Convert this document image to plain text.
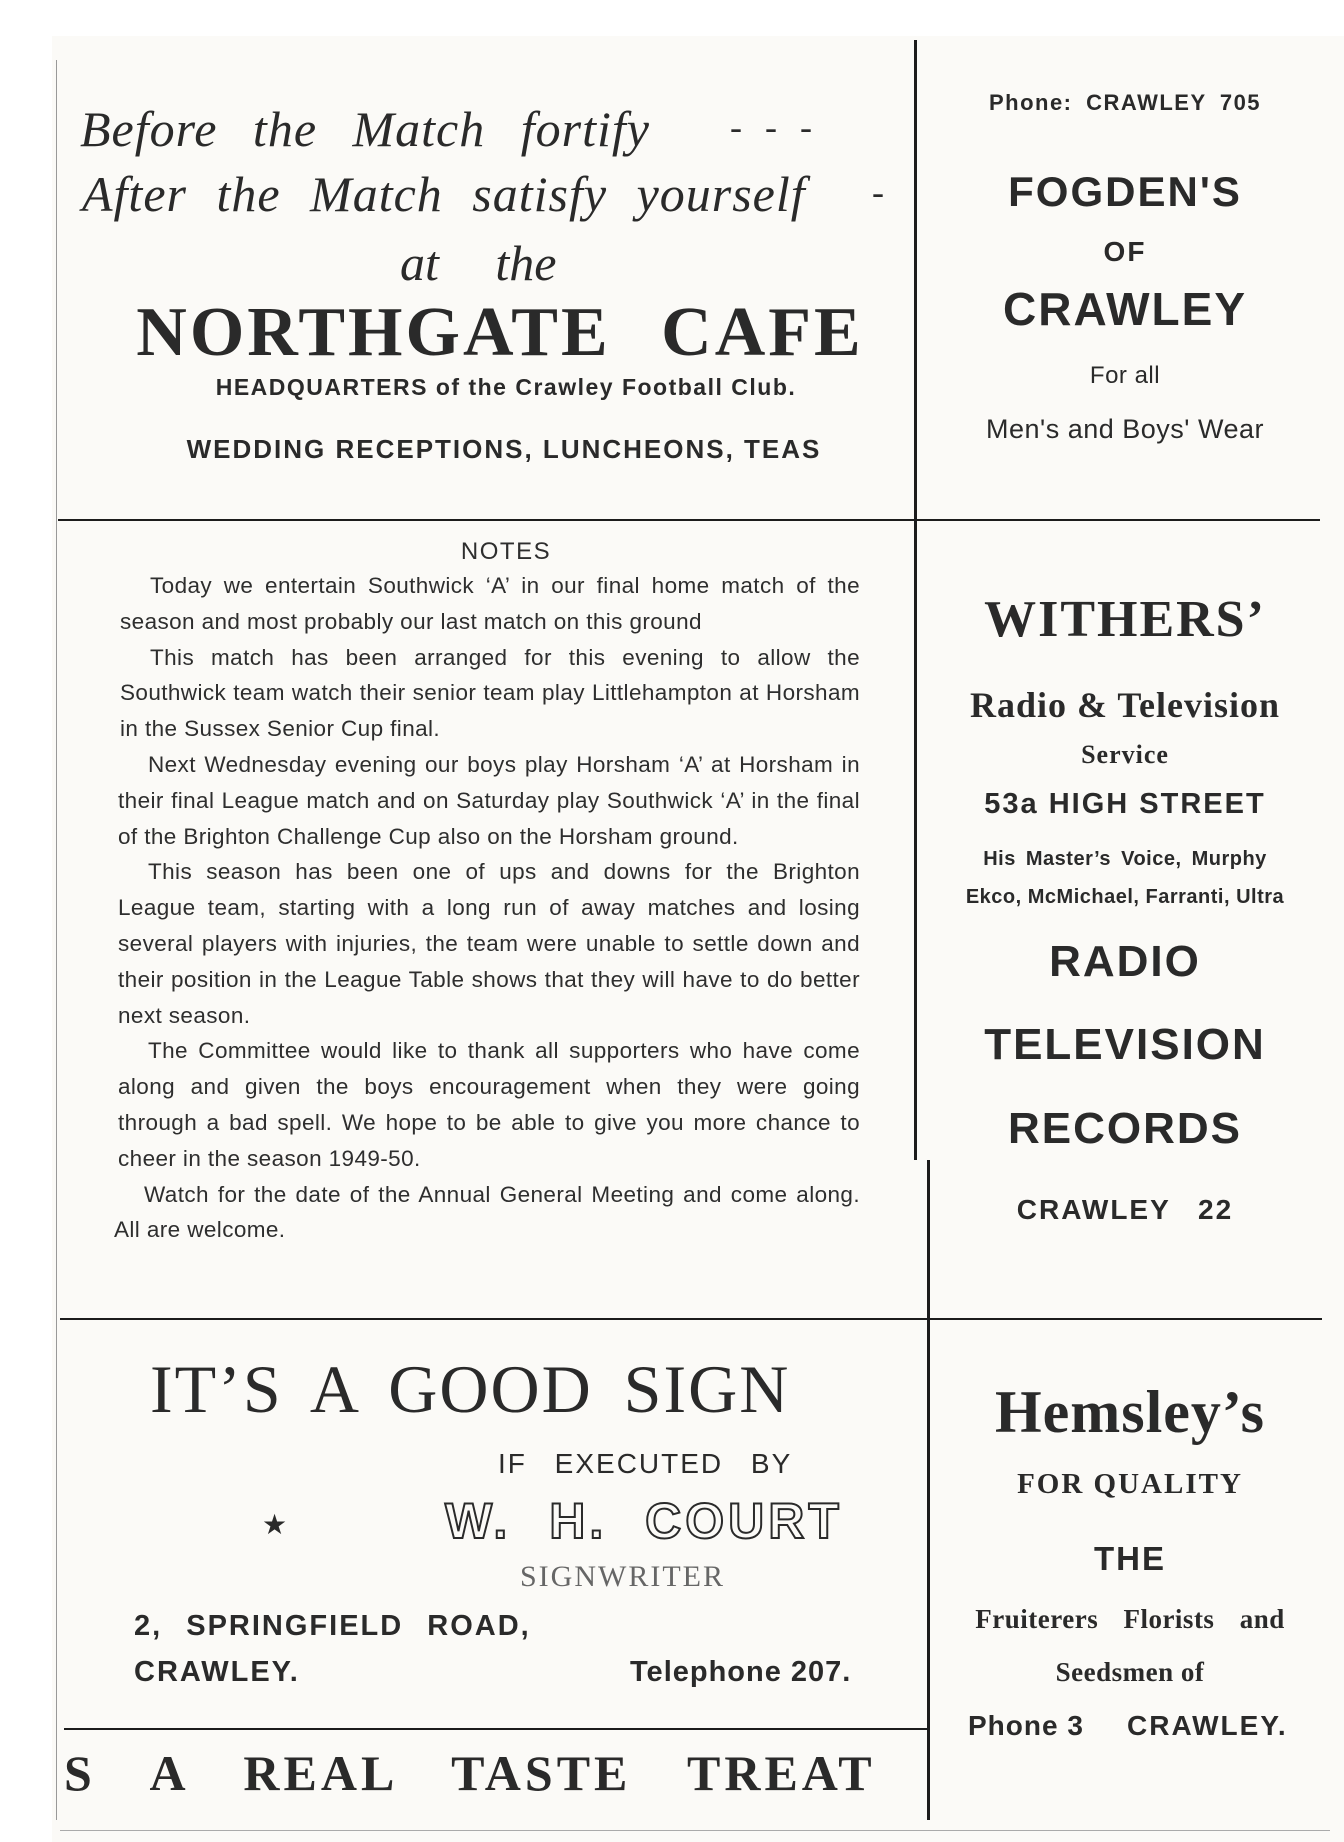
Before the Match fortify - - -
After the Match satisfy yourself -
at the
NORTHGATE CAFE
HEADQUARTERS of the Crawley Football Club.
WEDDING RECEPTIONS, LUNCHEONS, TEAS
Phone: CRAWLEY 705
FOGDEN'S
OF
CRAWLEY
For all
Men's and Boys' Wear
NOTES

Today we entertain Southwick ‘A’ in our final home match of the season and most probably our last match on this ground

This match has been arranged for this evening to allow the Southwick team watch their senior team play Littlehampton at Horsham in the Sussex Senior Cup final.

Next Wednesday evening our boys play Horsham ‘A’ at Horsham in their final League match and on Saturday play Southwick ‘A’ in the final of the Brighton Challenge Cup also on the Horsham ground.

This season has been one of ups and downs for the Brighton League team, starting with a long run of away matches and losing several players with injuries, the team were unable to settle down and their position in the League Table shows that they will have to do better next season.

The Committee would like to thank all supporters who have come along and given the boys encouragement when they were going through a bad spell. We hope to be able to give you more chance to cheer in the season 1949-50.

Watch for the date of the Annual General Meeting and come along. All are welcome.

WITHERS’
Radio & Television
Service
53a HIGH STREET
His Master’s Voice, Murphy
Ekco, McMichael, Farranti, Ultra
RADIO
TELEVISION
RECORDS
CRAWLEY 22
IT’S A GOOD SIGN
IF EXECUTED BY
★	W. H. COURT
SIGNWRITER
2, SPRINGFIELD ROAD,
CRAWLEY.	Telephone 207.
Hemsley’s
FOR QUALITY
THE
Fruiterers Florists and
Seedsmen of
Phone 3 CRAWLEY.
S A REAL TASTE TREAT
